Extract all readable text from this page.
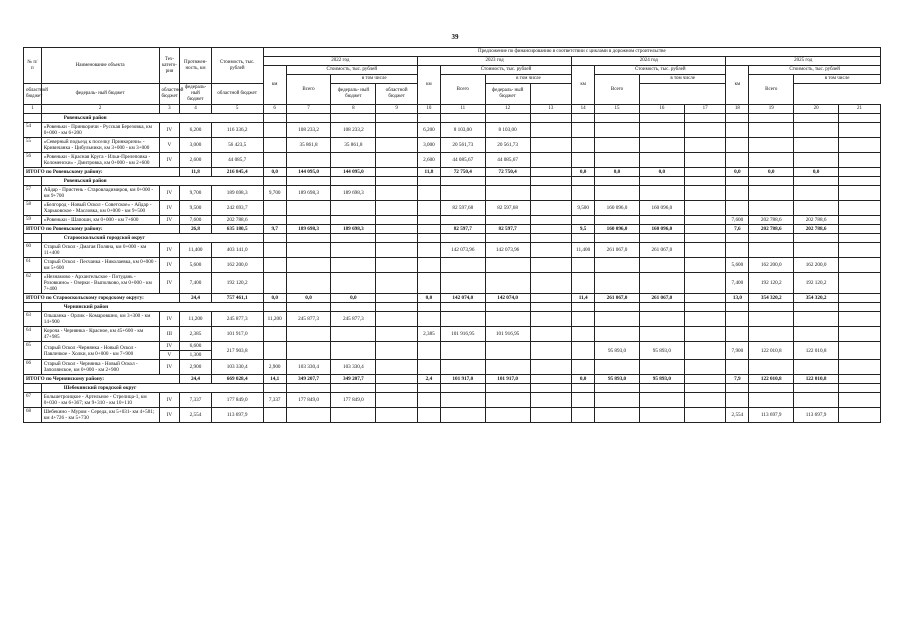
39
№ п/п	Наименование объекта	Тех- катего- рия	Протяжен- ность, км	Стоимость, тыс. рублей	Предложение по финансированию в соответствии с циклами в дорожном строительстве															
					2022 год				2023 год				2024 год				2025 год			
					км	Стоимость, тыс. рублей			км	Стоимость, тыс. рублей			км	Стоимость, тыс. рублей			км	Стоимость, тыс. рублей		
						Всего	в том числе			Всего	в том числе			Всего	в том числе			Всего	в том числе	
областной бюджет	федераль- ный бюджет	областной бюджет	федераль- ный бюджет	областной бюджет			федераль- ный бюджет	областной бюджет			федераль- ный бюджет									
1	2	3	4	5	6	7	8	9	10	11	12	13	14	15	16	17	18	19	20	21
	Ровеньский район																			
54	«Ровеньки - Принкоричи - Русская Березовка, км 0+000 - км 6+200	IV	6,200	116 336,2		108 233,2	108 233,2		6,200	8 103,00	8 103,00									
55	«Северный подъезд к поселку Принкоричи» - Кривичанка - Цибульники, км 3+000 - км 3+000	V	3,000	56 423,5		35 861,8	35 861,8		3,000	20 561,73	20 561,73									
56	«Ровеньки - Красная Круга - Ильи-Прелеповка - Коломенски» - Дмитровка, км 0+000 - км 2+600	IV	2,600	44 085,7					2,600	44 085,67	44 085,67									
ИТОГО по Ровеньскому району:			11,8	216 845,4	0,0	144 095,0	144 095,0		11,8	72 750,4	72 750,4		0,0	0,0	0,0		0,0	0,0	0,0	
	Ровеньский район																			
57	Айдар - Пристень - Старовладимиров, км 0+000 - км 9+700	IV	9,700	189 698,3	9,700	189 698,3	189 698,3													
58	«Белгород - Новый Оскол - Советское» - Айдар - Харьковское - Масловка, км 0+000 - км 9+500	IV	9,500	242 693,7						82 597,68	82 597,68		9,500	160 096,0	160 096,0					
59	«Ровеньки - Шапошн, км 0+000 - км 7+600	IV	7,600	202 788,6													7,600	202 788,6	202 788,6	
ИТОГО по Ровеньскому району:			26,8	635 180,5	9,7	189 698,3	189 698,3			82 597,7	82 597,7		9,5	160 096,0	160 096,0		7,6	202 788,6	202 788,6	
	Старооскольский городской округ																			
60	Старый Оскол - Дмагая Поляна, км 0+000 - км 11+400	IV	11,400	403 141,0						142 073,96	142 073,96		11,400	261 067,0	261 067,0					
61	Старый Оскол - Песчанка - Николаевка, км 0+000 - км 5+600	IV	5,600	162 200,0													5,600	162 200,0	162 200,0	
62	«Незнамово - Архангельское - Потудань - Розовкино» - Озерки - Выполково, км 0+000 - км 7+400	IV	7,400	192 120,2													7,400	192 120,2	192 120,2	
ИТОГО по Старооскольскому городскому округу:			24,4	757 461,1	0,0	0,0	0,0		0,0	142 074,0	142 074,0		11,4	261 067,0	261 067,0		13,0	354 320,2	354 320,2	
	Чернянский район																			
63	Ольшанка - Орлик - Комаровшно, км 3+300 - км 14+900	IV	11,200	245 877,3	11,200	245 877,3	245 877,3													
64	Короча - Чернянка - Красное, км 45+600 - км 47+985	III	2,385	101 917,0					2,385	101 916,95	101 916,95									
65	Старый Оскол -Чернянка - Новый Оскол - Павличкое - Холки, км 0+000 - км 7+900	IV	6,600	217 903,8										95 893,0	95 893,0		7,900	122 010,8	122 010,8	
		V	1,300																	
66	Старый Оскол - Чернянка - Новый Оскол - Заполянское, км 0+000 - км 2+900	IV	2,900	103 330,4	2,900	103 330,4	103 330,4													
ИТОГО по Чернянскому району:			24,4	669 028,4	14,1	349 207,7	349 207,7		2,4	101 917,0	101 917,0		0,0	95 893,0	95 893,0		7,9	122 010,8	122 010,8	
	Шебекинский городской округ																			
67	Большетроицкое - Артельное - Стрелица-1, км 0+030 - км 6+367; км 9+310 - км 10+110	IV	7,337	177 849,0	7,337	177 849,0	177 849,0													
68	Шебекино - Муром - Середа, км 5+031- км 4+581; км 4+726 - км 5+730	IV	2,554	113 697,9													2,554	113 697,9	113 697,9	
